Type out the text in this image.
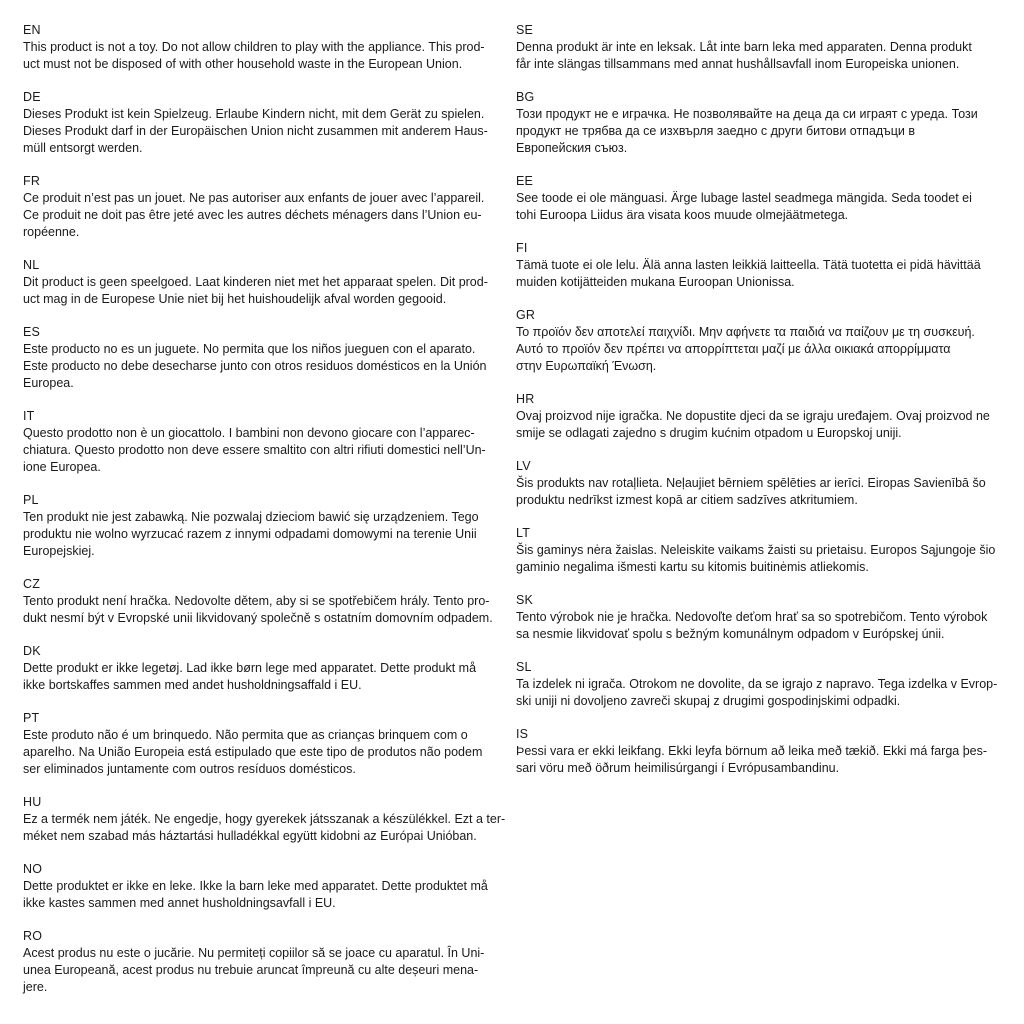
EN
This product is not a toy. Do not allow children to play with the appliance. This prod-
uct must not be disposed of with other household waste in the European Union.
DE
Dieses Produkt ist kein Spielzeug. Erlaube Kindern nicht, mit dem Gerät zu spielen.
Dieses Produkt darf in der Europäischen Union nicht zusammen mit anderem Haus-
müll entsorgt werden.
FR
Ce produit n’est pas un jouet. Ne pas autoriser aux enfants de jouer avec l’appareil.
Ce produit ne doit pas être jeté avec les autres déchets ménagers dans l’Union eu-
ropéenne.
NL
Dit product is geen speelgoed. Laat kinderen niet met het apparaat spelen. Dit prod-
uct mag in de Europese Unie niet bij het huishoudelijk afval worden gegooid.
ES
Este producto no es un juguete. No permita que los niños jueguen con el aparato.
Este producto no debe desecharse junto con otros residuos domésticos en la Unión
Europea.
IT
Questo prodotto non è un giocattolo. I bambini non devono giocare con l’apparec-
chiatura. Questo prodotto non deve essere smaltito con altri rifiuti domestici nell’Un-
ione Europea.
PL
Ten produkt nie jest zabawką. Nie pozwalaj dzieciom bawić się urządzeniem. Tego
produktu nie wolno wyrzucać razem z innymi odpadami domowymi na terenie Unii
Europejskiej.
CZ
Tento produkt není hračka. Nedovolte dětem, aby si se spotřebičem hrály. Tento pro-
dukt nesmí být v Evropské unii likvidovaný společně s ostatním domovním odpadem.
DK
Dette produkt er ikke legetøj. Lad ikke børn lege med apparatet. Dette produkt må
ikke bortskaffes sammen med andet husholdningsaffald i EU.
PT
Este produto não é um brinquedo. Não permita que as crianças brinquem com o
aparelho. Na União Europeia está estipulado que este tipo de produtos não podem
ser eliminados juntamente com outros resíduos domésticos.
HU
Ez a termék nem játék. Ne engedje, hogy gyerekek játsszanak a készülékkel. Ezt a ter-
méket nem szabad más háztartási hulladékkal együtt kidobni az Európai Unióban.
NO
Dette produktet er ikke en leke. Ikke la barn leke med apparatet. Dette produktet må
ikke kastes sammen med annet husholdningsavfall i EU.
RO
Acest produs nu este o jucărie. Nu permiteți copiilor să se joace cu aparatul. În Uni-
unea Europeană, acest produs nu trebuie aruncat împreună cu alte deșeuri mena-
jere.
SE
Denna produkt är inte en leksak. Låt inte barn leka med apparaten. Denna produkt
får inte slängas tillsammans med annat hushållsavfall inom Europeiska unionen.
BG
Този продукт не е играчка. Не позволявайте на деца да си играят с уреда. Този
продукт не трябва да се изхвърля заедно с други битови отпадъци в
Европейския съюз.
EE
See toode ei ole mänguasi. Ärge lubage lastel seadmega mängida. Seda toodet ei
tohi Euroopa Liidus ära visata koos muude olmejäätmetega.
FI
Tämä tuote ei ole lelu. Älä anna lasten leikkiä laitteella. Tätä tuotetta ei pidä hävittää
muiden kotijätteiden mukana Euroopan Unionissa.
GR
Το προϊόν δεν αποτελεί παιχνίδι. Μην αφήνετε τα παιδιά να παίζουν με τη συσκευή.
Αυτό το προϊόν δεν πρέπει να απορρίπτεται μαζί με άλλα οικιακά απορρίμματα
στην Ευρωπαϊκή Ένωση.
HR
Ovaj proizvod nije igračka. Ne dopustite djeci da se igraju uređajem. Ovaj proizvod ne
smije se odlagati zajedno s drugim kućnim otpadom u Europskoj uniji.
LV
Šis produkts nav rotaļlieta. Neļaujiet bērniem spēlēties ar ierīci. Eiropas Savienībā šo
produktu nedrīkst izmest kopā ar citiem sadzīves atkritumiem.
LT
Šis gaminys nėra žaislas. Neleiskite vaikams žaisti su prietaisu. Europos Sąjungoje šio
gaminio negalima išmesti kartu su kitomis buitinėmis atliekomis.
SK
Tento výrobok nie je hračka. Nedovoľte deťom hrať sa so spotrebičom. Tento výrobok
sa nesmie likvidovať spolu s bežným komunálnym odpadom v Európskej únii.
SL
Ta izdelek ni igrača. Otrokom ne dovolite, da se igrajo z napravo. Tega izdelka v Evrop-
ski uniji ni dovoljeno zavreči skupaj z drugimi gospodinjskimi odpadki.
IS
Þessi vara er ekki leikfang. Ekki leyfa börnum að leika með tækið. Ekki má farga þes-
sari vöru með öðrum heimilisúrgangi í Evrópusambandinu.
